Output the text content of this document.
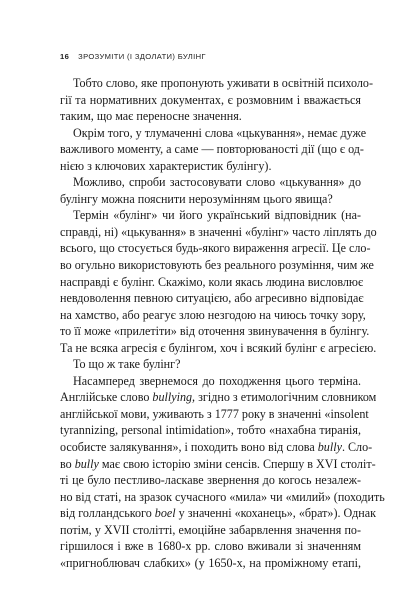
16 ЗРОЗУМІТИ (І ЗДОЛАТИ) БУЛІНГ
Тобто слово, яке пропонують уживати в освітній психоло-
гії та нормативних документах, є розмовним і вважається
таким, що має переносне значення.
Окрім того, у тлумаченні слова «цькування», немає дуже
важливого моменту, а саме — повторюваності дії (що є од-
нією з ключових характеристик булінгу).
Можливо, спроби застосовувати слово «цькування» до
булінгу можна пояснити нерозумінням цього явища?
Термін «булінг» чи його український відповідник (на-
справді, ні) «цькування» в значенні «булінг» часто ліплять до
всього, що стосується будь-якого вираження агресії. Це сло-
во огульно використовують без реального розуміння, чим же
насправді є булінг. Скажімо, коли якась людина висловлює
невдоволення певною ситуацією, або агресивно відповідає
на хамство, або реагує злою незгодою на чиюсь точку зору,
то її може «прилетіти» від оточення звинувачення в булінгу.
Та не всяка агресія є булінгом, хоч і всякий булінг є агресією.
То що ж таке булінг?
Насамперед звернемося до походження цього терміна.
Англійське слово bullying, згідно з етимологічним словником
англійської мови, уживають з 1777 року в значенні «insolent
tyrannizing, personal intimidation», тобто «нахабна тиранія,
особисте залякування», і походить воно від слова bully. Сло-
во bully має свою історію зміни сенсів. Спершу в XVI століт-
ті це було пестливо-ласкаве звернення до когось незалеж-
но від статі, на зразок сучасного «мила» чи «милий» (походить
від голландського boel у значенні «коханець», «брат»). Однак
потім, у XVII столітті, емоційне забарвлення значення по-
гіршилося і вже в 1680-х рр. слово вживали зі значенням
«пригноблювач слабких» (у 1650-х, на проміжному етапі,
